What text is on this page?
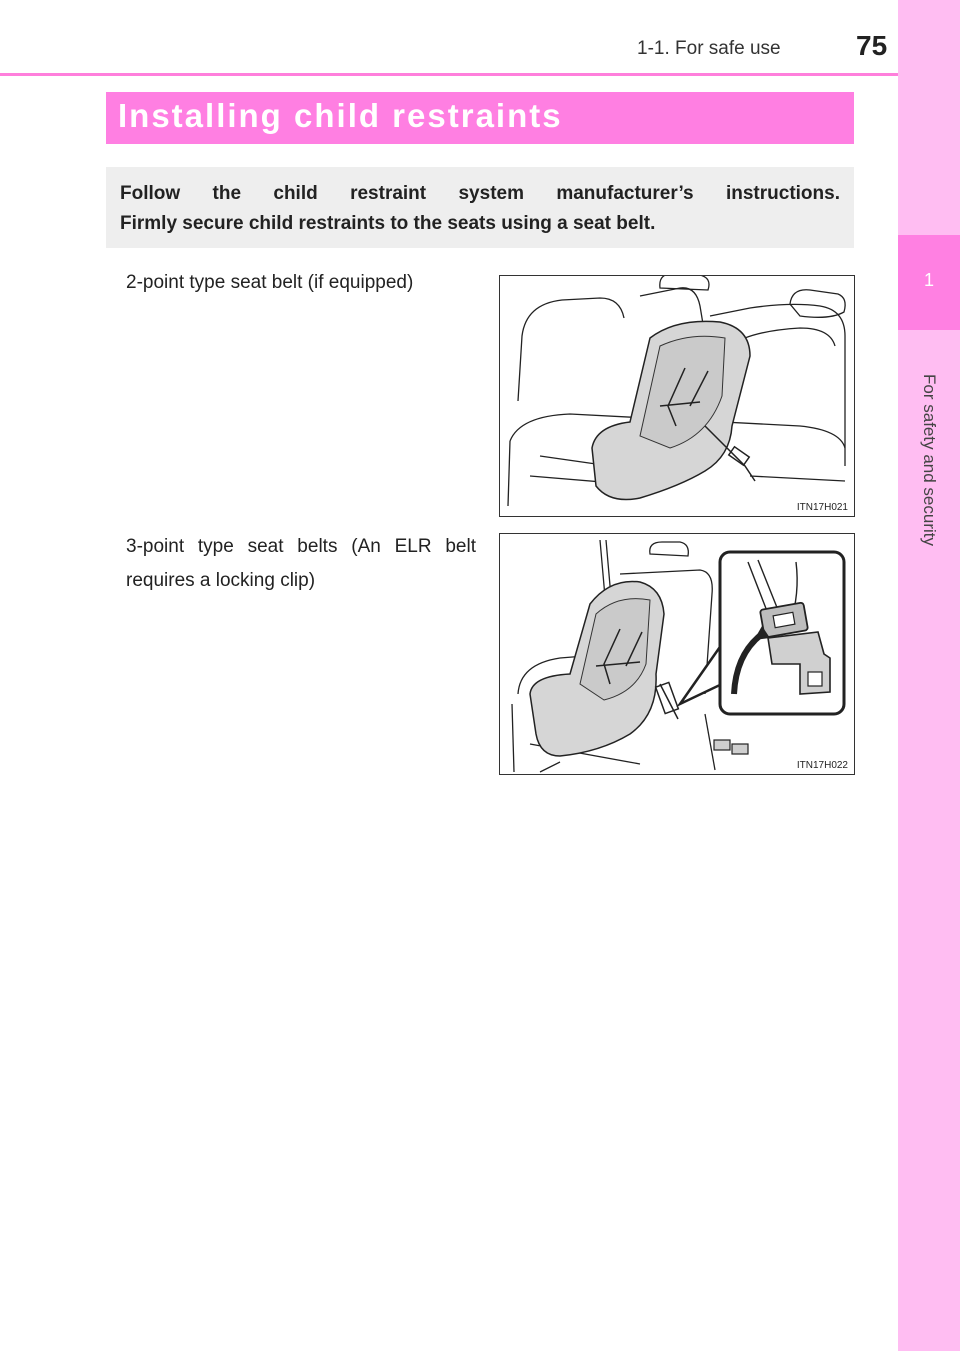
1-1. For safe use	75
1
For safety and security
Installing child restraints
Follow the child restraint system manufacturer’s instructions.

Firmly secure child restraints to the seats using a seat belt.
2-point type seat belt (if equipped)
ITN17H021
3-point type seat belts (An ELR belt requires a locking clip)
ITN17H022
